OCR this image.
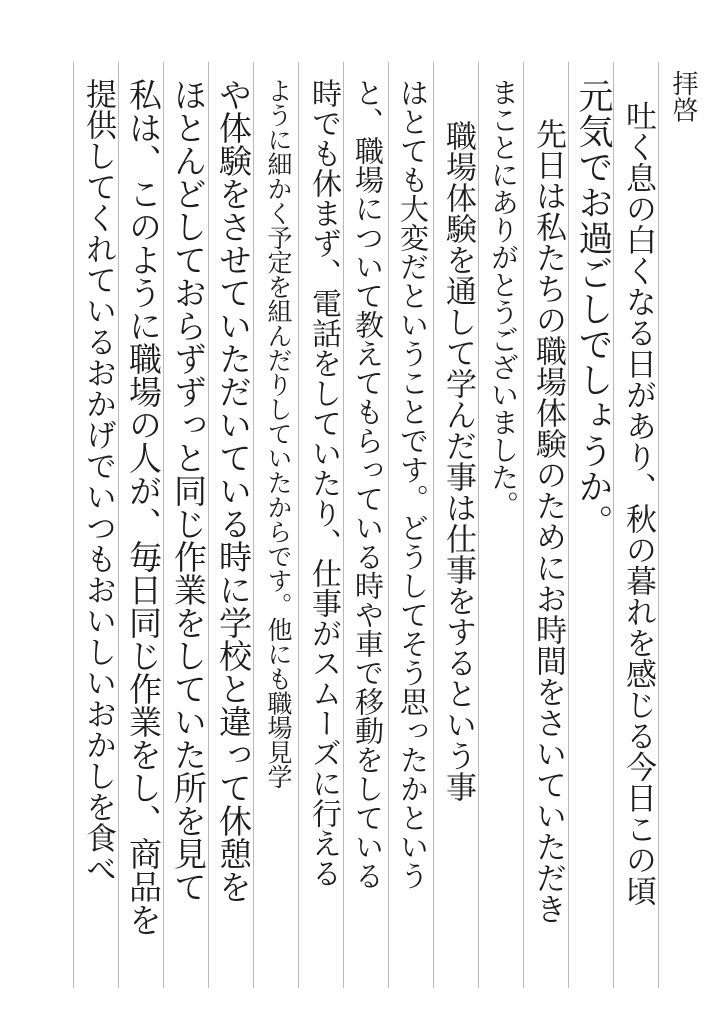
拝啓
吐く息の白くなる日があり、秋の暮れを感じる今日この頃
元気でお過ごしでしょうか。
先日は私たちの職場体験のためにお時間をさいていただき
まことにありがとうございました。
職場体験を通して学んだ事は仕事をするという事
はとても大変だということです。どうしてそう思ったかという
と、職場について教えてもらっている時や車で移動をしている
時でも休まず、電話をしていたり、仕事がスムーズに行える
ように細かく予定を組んだりしていたからです。他にも職場見学
や体験をさせていただいている時に学校と違って休憩を
ほとんどしておらずずっと同じ作業をしていた所を見て
私は、このように職場の人が、毎日同じ作業をし、商品を
提供してくれているおかげでいつもおいしいおかしを食べ
